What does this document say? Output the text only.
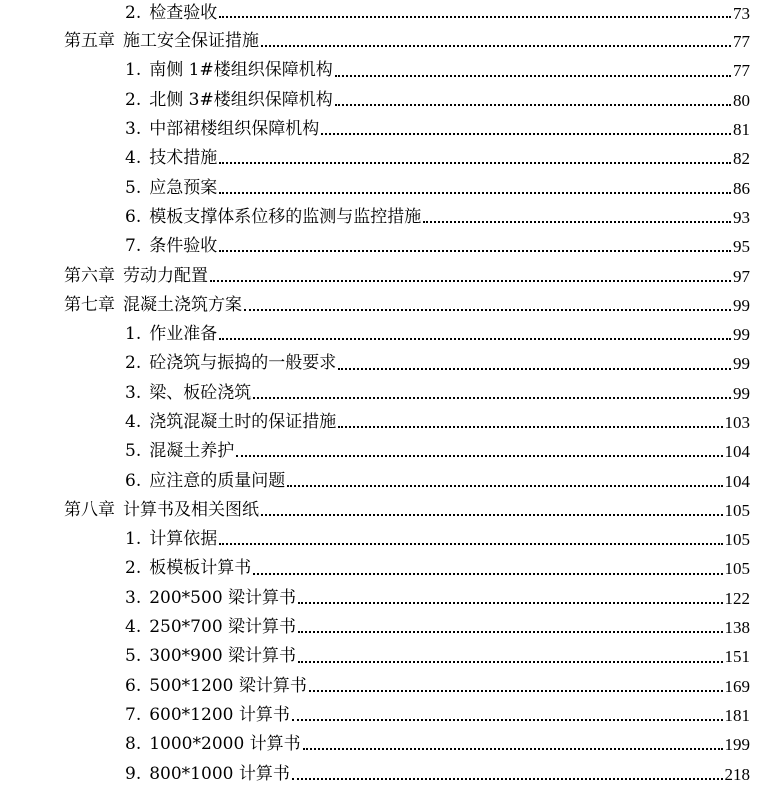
2. 检查验收	73
第五章 施工安全保证措施	77
1. 南侧 1#楼组织保障机构	77
2. 北侧 3#楼组织保障机构	80
3. 中部裙楼组织保障机构	81
4. 技术措施	82
5. 应急预案	86
6. 模板支撑体系位移的监测与监控措施	93
7. 条件验收	95
第六章 劳动力配置	97
第七章 混凝土浇筑方案	99
1. 作业准备	99
2. 砼浇筑与振捣的一般要求	99
3. 梁、板砼浇筑	99
4. 浇筑混凝土时的保证措施	103
5. 混凝土养护	104
6. 应注意的质量问题	104
第八章 计算书及相关图纸	105
1. 计算依据	105
2. 板模板计算书	105
3. 200*500 梁计算书	122
4. 250*700 梁计算书	138
5. 300*900 梁计算书	151
6. 500*1200 梁计算书	169
7. 600*1200 计算书	181
8. 1000*2000 计算书	199
9. 800*1000 计算书	218
